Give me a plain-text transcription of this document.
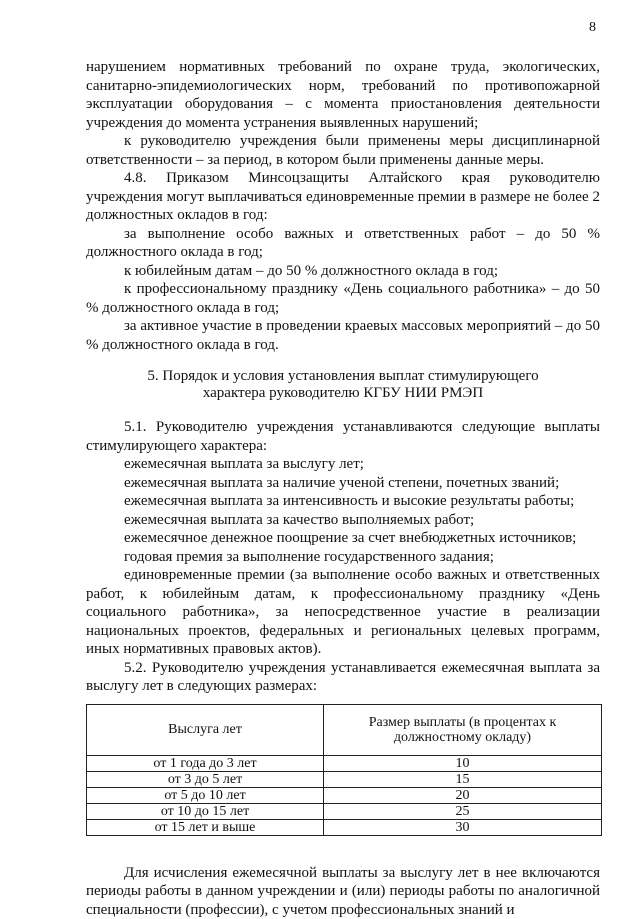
8

нарушением нормативных требований по охране труда, экологических, санитарно-эпидемиологических норм, требований по противопожарной эксплуатации оборудования – с момента приостановления деятельности учреждения до момента устранения выявленных нарушений;

к руководителю учреждения были применены меры дисциплинарной ответственности – за период, в котором были применены данные меры.

4.8. Приказом Минсоцзащиты Алтайского края руководителю учреждения могут выплачиваться единовременные премии в размере не более 2 должностных окладов в год:

за выполнение особо важных и ответственных работ – до 50 % должностного оклада в год;

к юбилейным датам – до 50 % должностного оклада в год;

к профессиональному празднику «День социального работника» – до 50 % должностного оклада в год;

за активное участие в проведении краевых массовых мероприятий – до 50 % должностного оклада в год.

5. Порядок и условия установления выплат стимулирующего
характера руководителю КГБУ НИИ РМЭП

5.1. Руководителю учреждения устанавливаются следующие выплаты стимулирующего характера:

ежемесячная выплата за выслугу лет;

ежемесячная выплата за наличие ученой степени, почетных званий;

ежемесячная выплата за интенсивность и высокие результаты работы;

ежемесячная выплата за качество выполняемых работ;

ежемесячное денежное поощрение за счет внебюджетных источников;

годовая премия за выполнение государственного задания;

единовременные премии (за выполнение особо важных и ответственных работ, к юбилейным датам, к профессиональному празднику «День социального работника», за непосредственное участие в реализации национальных проектов, федеральных и региональных целевых программ, иных нормативных правовых актов).

5.2. Руководителю учреждения устанавливается ежемесячная выплата за выслугу лет в следующих размерах:

Выслуга лет	Размер выплаты (в процентах к должностному окладу)
от 1 года до 3 лет	10
от 3 до 5 лет	15
от 5 до 10 лет	20
от 10 до 15 лет	25
от 15 лет и выше	30

Для исчисления ежемесячной выплаты за выслугу лет в нее включаются периоды работы в данном учреждении и (или) периоды работы по аналогичной специальности (профессии), с учетом профессиональных знаний и
